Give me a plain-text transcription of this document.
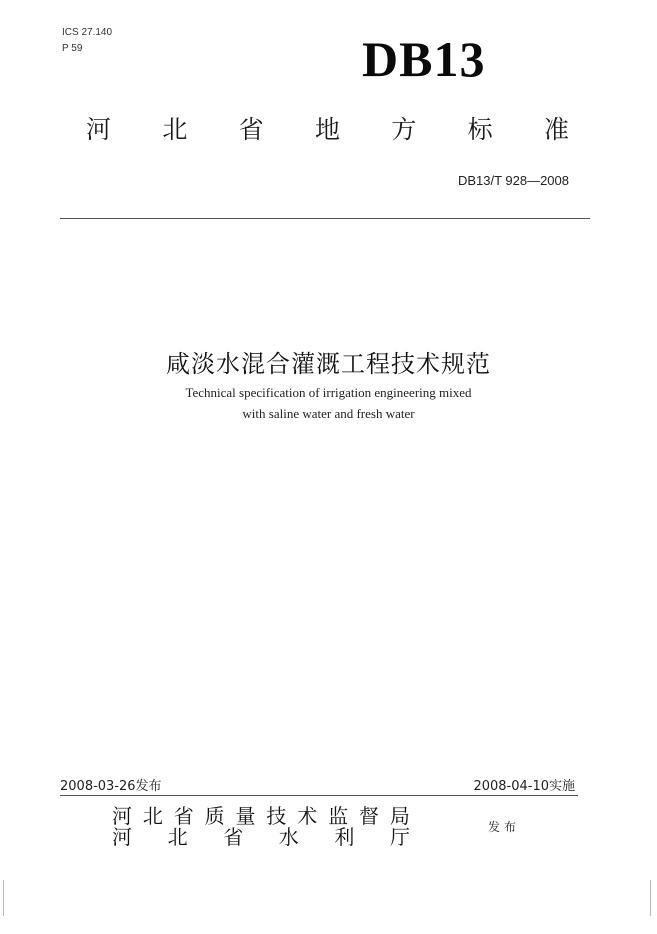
ICS 27.140
P 59	DB13
河 北 省 地 方 标 准
DB13/T 928—2008
咸淡水混合灌溉工程技术规范
Technical specification of irrigation engineering mixed
with saline water and fresh water
2008-03-26发布	2008-04-10实施
河 北 省 质 量 技 术 监 督 局
河 北 省 水 利 厅	发布
